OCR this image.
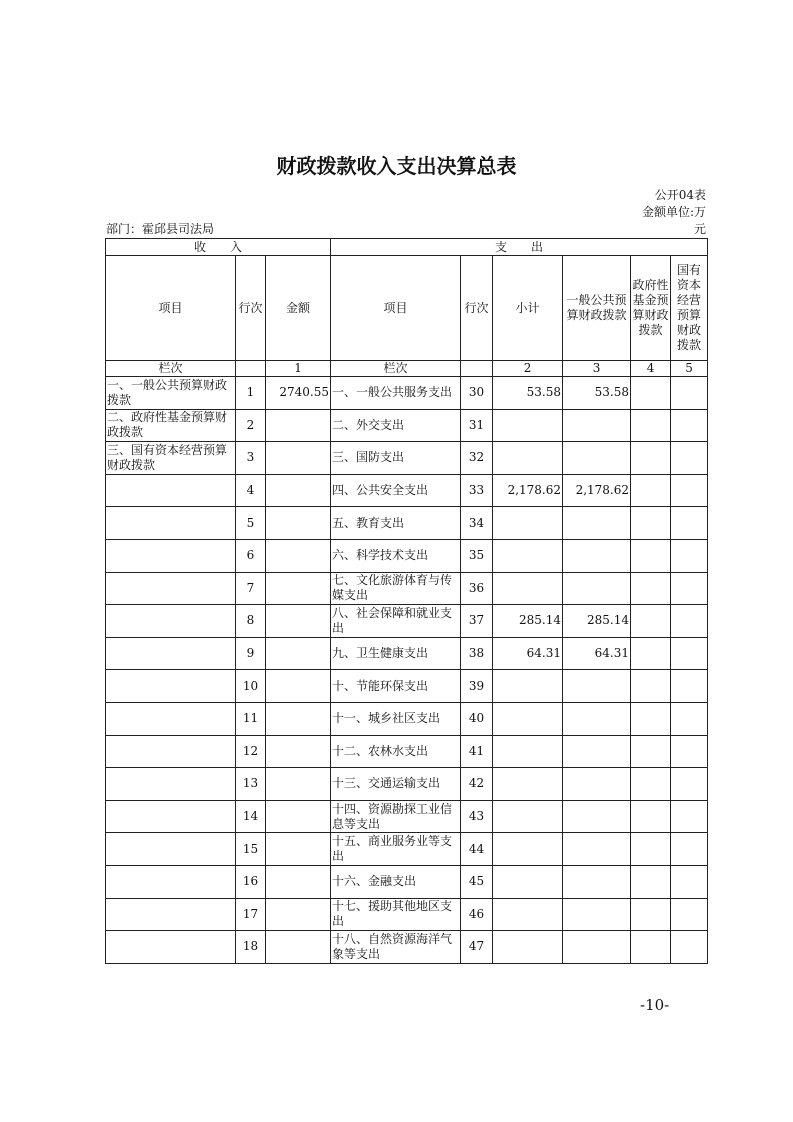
财政拨款收入支出决算总表
公开04表
金额单位:万
元
部门：霍邱县司法局
收　　入			支　　出					
项目	行次	金额	项目	行次	小计	一般公共预算财政拨款	政府性基金预算财政拨款	国有资本经营预算财政拨款
栏次		1	栏次		2	3	4	5
一、一般公共预算财政拨款	1	2740.55	一、一般公共服务支出	30	53.58	53.58		
二、政府性基金预算财政拨款	2		二、外交支出	31				
三、国有资本经营预算财政拨款	3		三、国防支出	32				
	4		四、公共安全支出	33	2,178.62	2,178.62		
	5		五、教育支出	34				
	6		六、科学技术支出	35				
	7		七、文化旅游体育与传媒支出	36				
	8		八、社会保障和就业支出	37	285.14	285.14		
	9		九、卫生健康支出	38	64.31	64.31		
	10		十、节能环保支出	39				
	11		十一、城乡社区支出	40				
	12		十二、农林水支出	41				
	13		十三、交通运输支出	42				
	14		十四、资源勘探工业信息等支出	43				
	15		十五、商业服务业等支出	44				
	16		十六、金融支出	45				
	17		十七、援助其他地区支出	46				
	18		十八、自然资源海洋气象等支出	47				
-10-
